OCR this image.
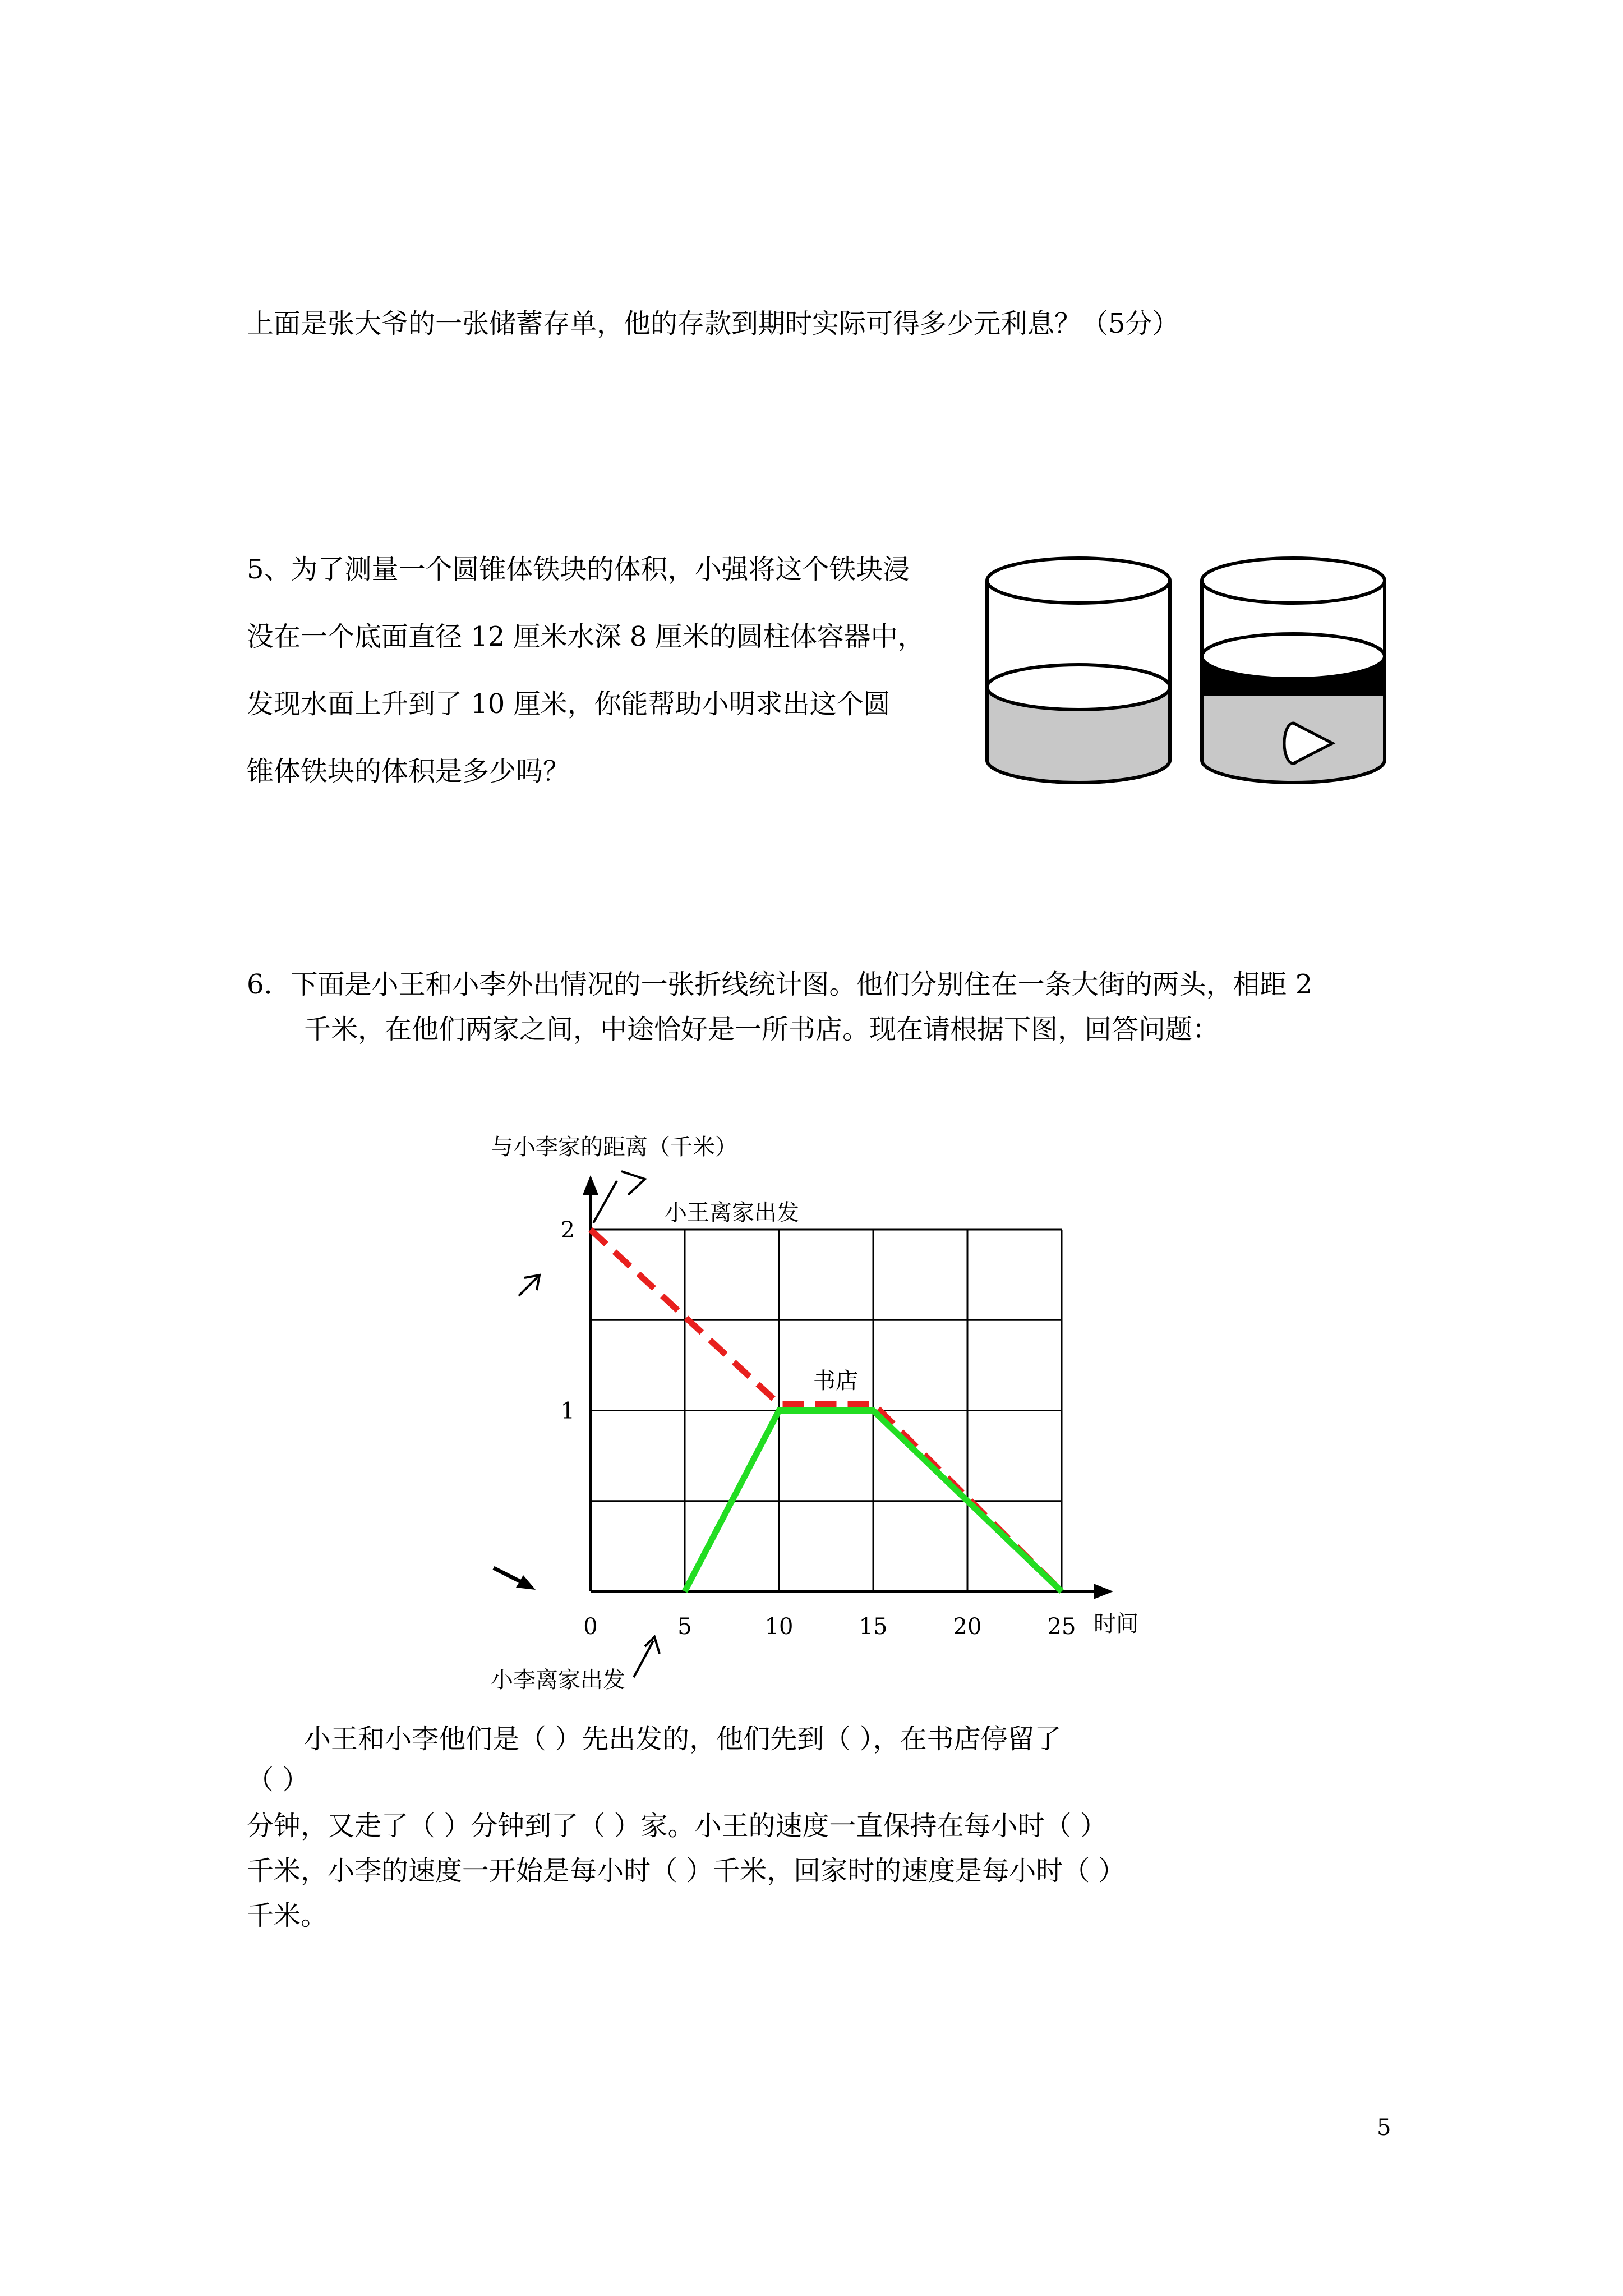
上面是张大爷的一张储蓄存单，他的存款到期时实际可得多少元利息？（5分）
5、为了测量一个圆锥体铁块的体积，小强将这个铁块浸
没在一个底面直径 12 厘米水深 8 厘米的圆柱体容器中，
发现水面上升到了 10 厘米，你能帮助小明求出这个圆
锥体铁块的体积是多少吗？
6．下面是小王和小李外出情况的一张折线统计图。他们分别住在一条大街的两头，相距 2
千米，在他们两家之间，中途恰好是一所书店。现在请根据下图，回答问题：
0	5	10	15	20	25
1
2
与小李家的距离（千米）
小王离家出发
书店
时间
小李离家出发
小王和小李他们是（ ）先出发的，他们先到（ ），在书店停留了
（ ）
分钟，又走了（ ）分钟到了（ ）家。小王的速度一直保持在每小时（ ）
千米，小李的速度一开始是每小时（ ）千米，回家时的速度是每小时（ ）
千米。
5
